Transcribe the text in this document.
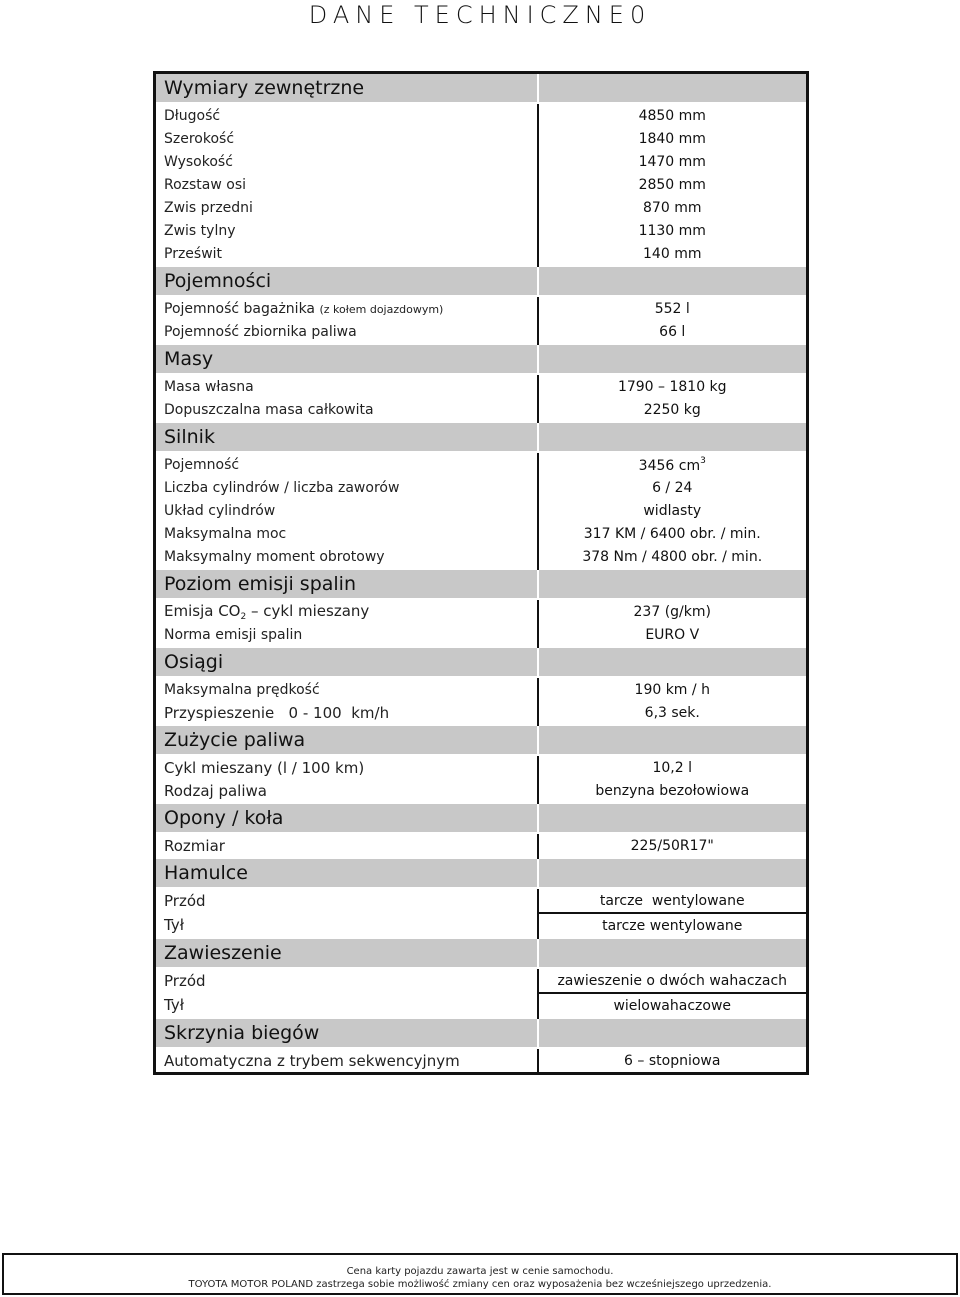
DANE TECHNICZNE0
Wymiary zewnętrzne	
Długość	4850 mm
Szerokość	1840 mm
Wysokość	1470 mm
Rozstaw osi	2850 mm
Zwis przedni	870 mm
Zwis tylny	1130 mm
Prześwit	140 mm
Pojemności	
Pojemność bagażnika (z kołem dojazdowym)	552 l
Pojemność zbiornika paliwa	66 l
Masy	
Masa własna	1790 – 1810 kg
Dopuszczalna masa całkowita	2250 kg
Silnik	
Pojemność	3456 $cm^3$
Liczba cylindrów / liczba zaworów	6 / 24
Układ cylindrów	widlasty
Maksymalna moc	317 KM / 6400 obr. / min.
Maksymalny moment obrotowy	378 Nm / 4800 obr. / min.
Poziom emisji spalin	
Emisja $CO_2$ – cykl mieszany	237 (g/km)
Norma emisji spalin	EURO V
Osiągi	
Maksymalna prędkość	190 km / h
Przyspieszenie   0 - 100  km/h	6,3 sek.
Zużycie paliwa	
Cykl mieszany (l / 100 km)	10,2 l
Rodzaj paliwa	benzyna bezołowiowa
Opony / koła	
Rozmiar	225/50R17"
Hamulce	
Przód	tarcze  wentylowane
Tył	tarcze wentylowane
Zawieszenie	
Przód	zawieszenie o dwóch wahaczach
Tył	wielowahaczowe
Skrzynia biegów	
Automatyczna z trybem sekwencyjnym	6 – stopniowa
Cena karty pojazdu zawarta jest w cenie samochodu.
TOYOTA MOTOR POLAND zastrzega sobie możliwość zmiany cen oraz wyposażenia bez wcześniejszego uprzedzenia.
